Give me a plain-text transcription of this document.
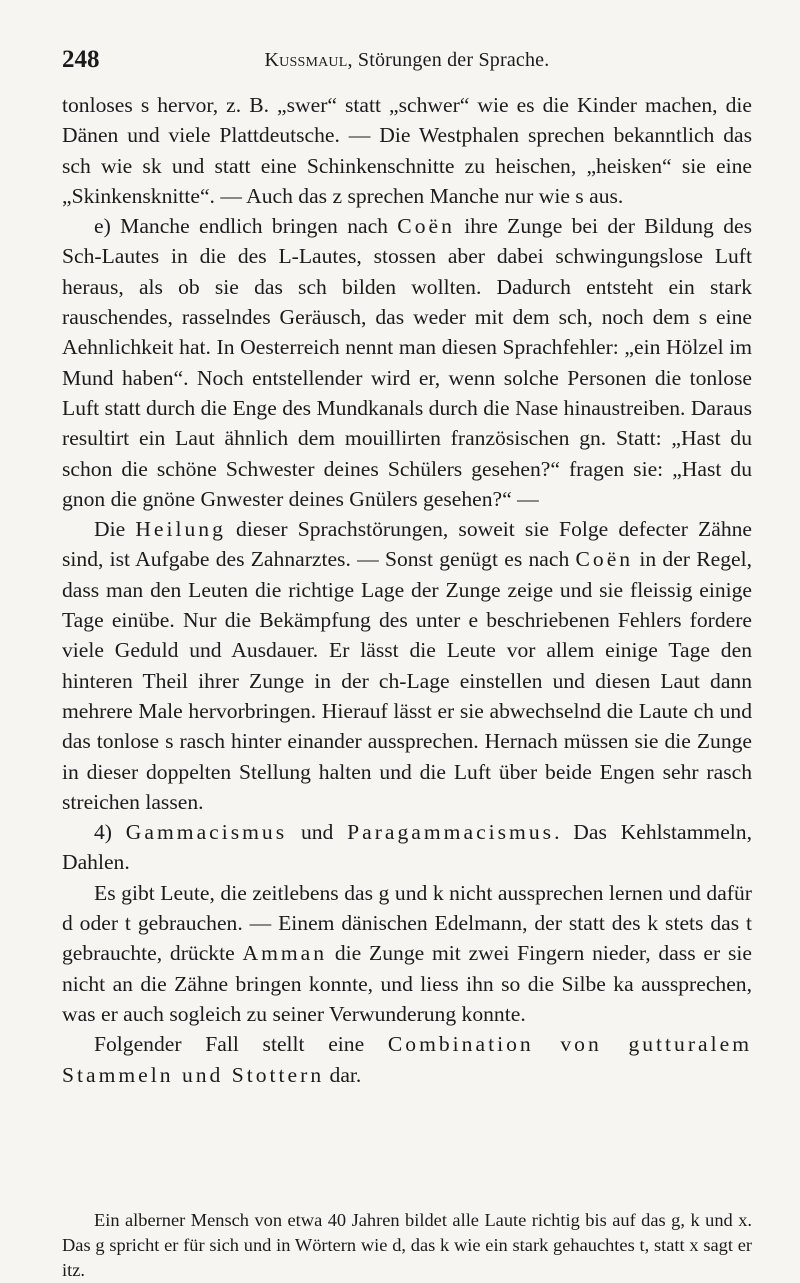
248	Kussmaul, Störungen der Sprache.

tonloses s hervor, z. B. „swer“ statt „schwer“ wie es die Kinder machen, die Dänen und viele Plattdeutsche. — Die Westphalen sprechen bekanntlich das sch wie sk und statt eine Schinkenschnitte zu heischen, „heisken“ sie eine „Skinkensknitte“. — Auch das z sprechen Manche nur wie s aus.

e) Manche endlich bringen nach Coën ihre Zunge bei der Bildung des Sch-Lautes in die des L-Lautes, stossen aber dabei schwingungslose Luft heraus, als ob sie das sch bilden wollten. Dadurch entsteht ein stark rauschendes, rasselndes Geräusch, das weder mit dem sch, noch dem s eine Aehnlichkeit hat. In Oesterreich nennt man diesen Sprachfehler: „ein Hölzel im Mund haben“. Noch entstellender wird er, wenn solche Personen die tonlose Luft statt durch die Enge des Mundkanals durch die Nase hinaustreiben. Daraus resultirt ein Laut ähnlich dem mouillirten französischen gn. Statt: „Hast du schon die schöne Schwester deines Schülers gesehen?“ fragen sie: „Hast du gnon die gnöne Gnwester deines Gnülers gesehen?“ —

Die Heilung dieser Sprachstörungen, soweit sie Folge defecter Zähne sind, ist Aufgabe des Zahnarztes. — Sonst genügt es nach Coën in der Regel, dass man den Leuten die richtige Lage der Zunge zeige und sie fleissig einige Tage einübe. Nur die Bekämpfung des unter e beschriebenen Fehlers fordere viele Geduld und Ausdauer. Er lässt die Leute vor allem einige Tage den hinteren Theil ihrer Zunge in der ch-Lage einstellen und diesen Laut dann mehrere Male hervorbringen. Hierauf lässt er sie abwechselnd die Laute ch und das tonlose s rasch hinter einander aussprechen. Hernach müssen sie die Zunge in dieser doppelten Stellung halten und die Luft über beide Engen sehr rasch streichen lassen.

4) Gammacismus und Paragammacismus. Das Kehlstammeln, Dahlen.

Es gibt Leute, die zeitlebens das g und k nicht aussprechen lernen und dafür d oder t gebrauchen. — Einem dänischen Edelmann, der statt des k stets das t gebrauchte, drückte Amman die Zunge mit zwei Fingern nieder, dass er sie nicht an die Zähne bringen konnte, und liess ihn so die Silbe ka aussprechen, was er auch sogleich zu seiner Verwunderung konnte.

Folgender Fall stellt eine Combination von gutturalem Stammeln und Stottern dar.

Ein alberner Mensch von etwa 40 Jahren bildet alle Laute richtig bis auf das g, k und x. Das g spricht er für sich und in Wörtern wie d, das k wie ein stark gehauchtes t, statt x sagt er itz.
